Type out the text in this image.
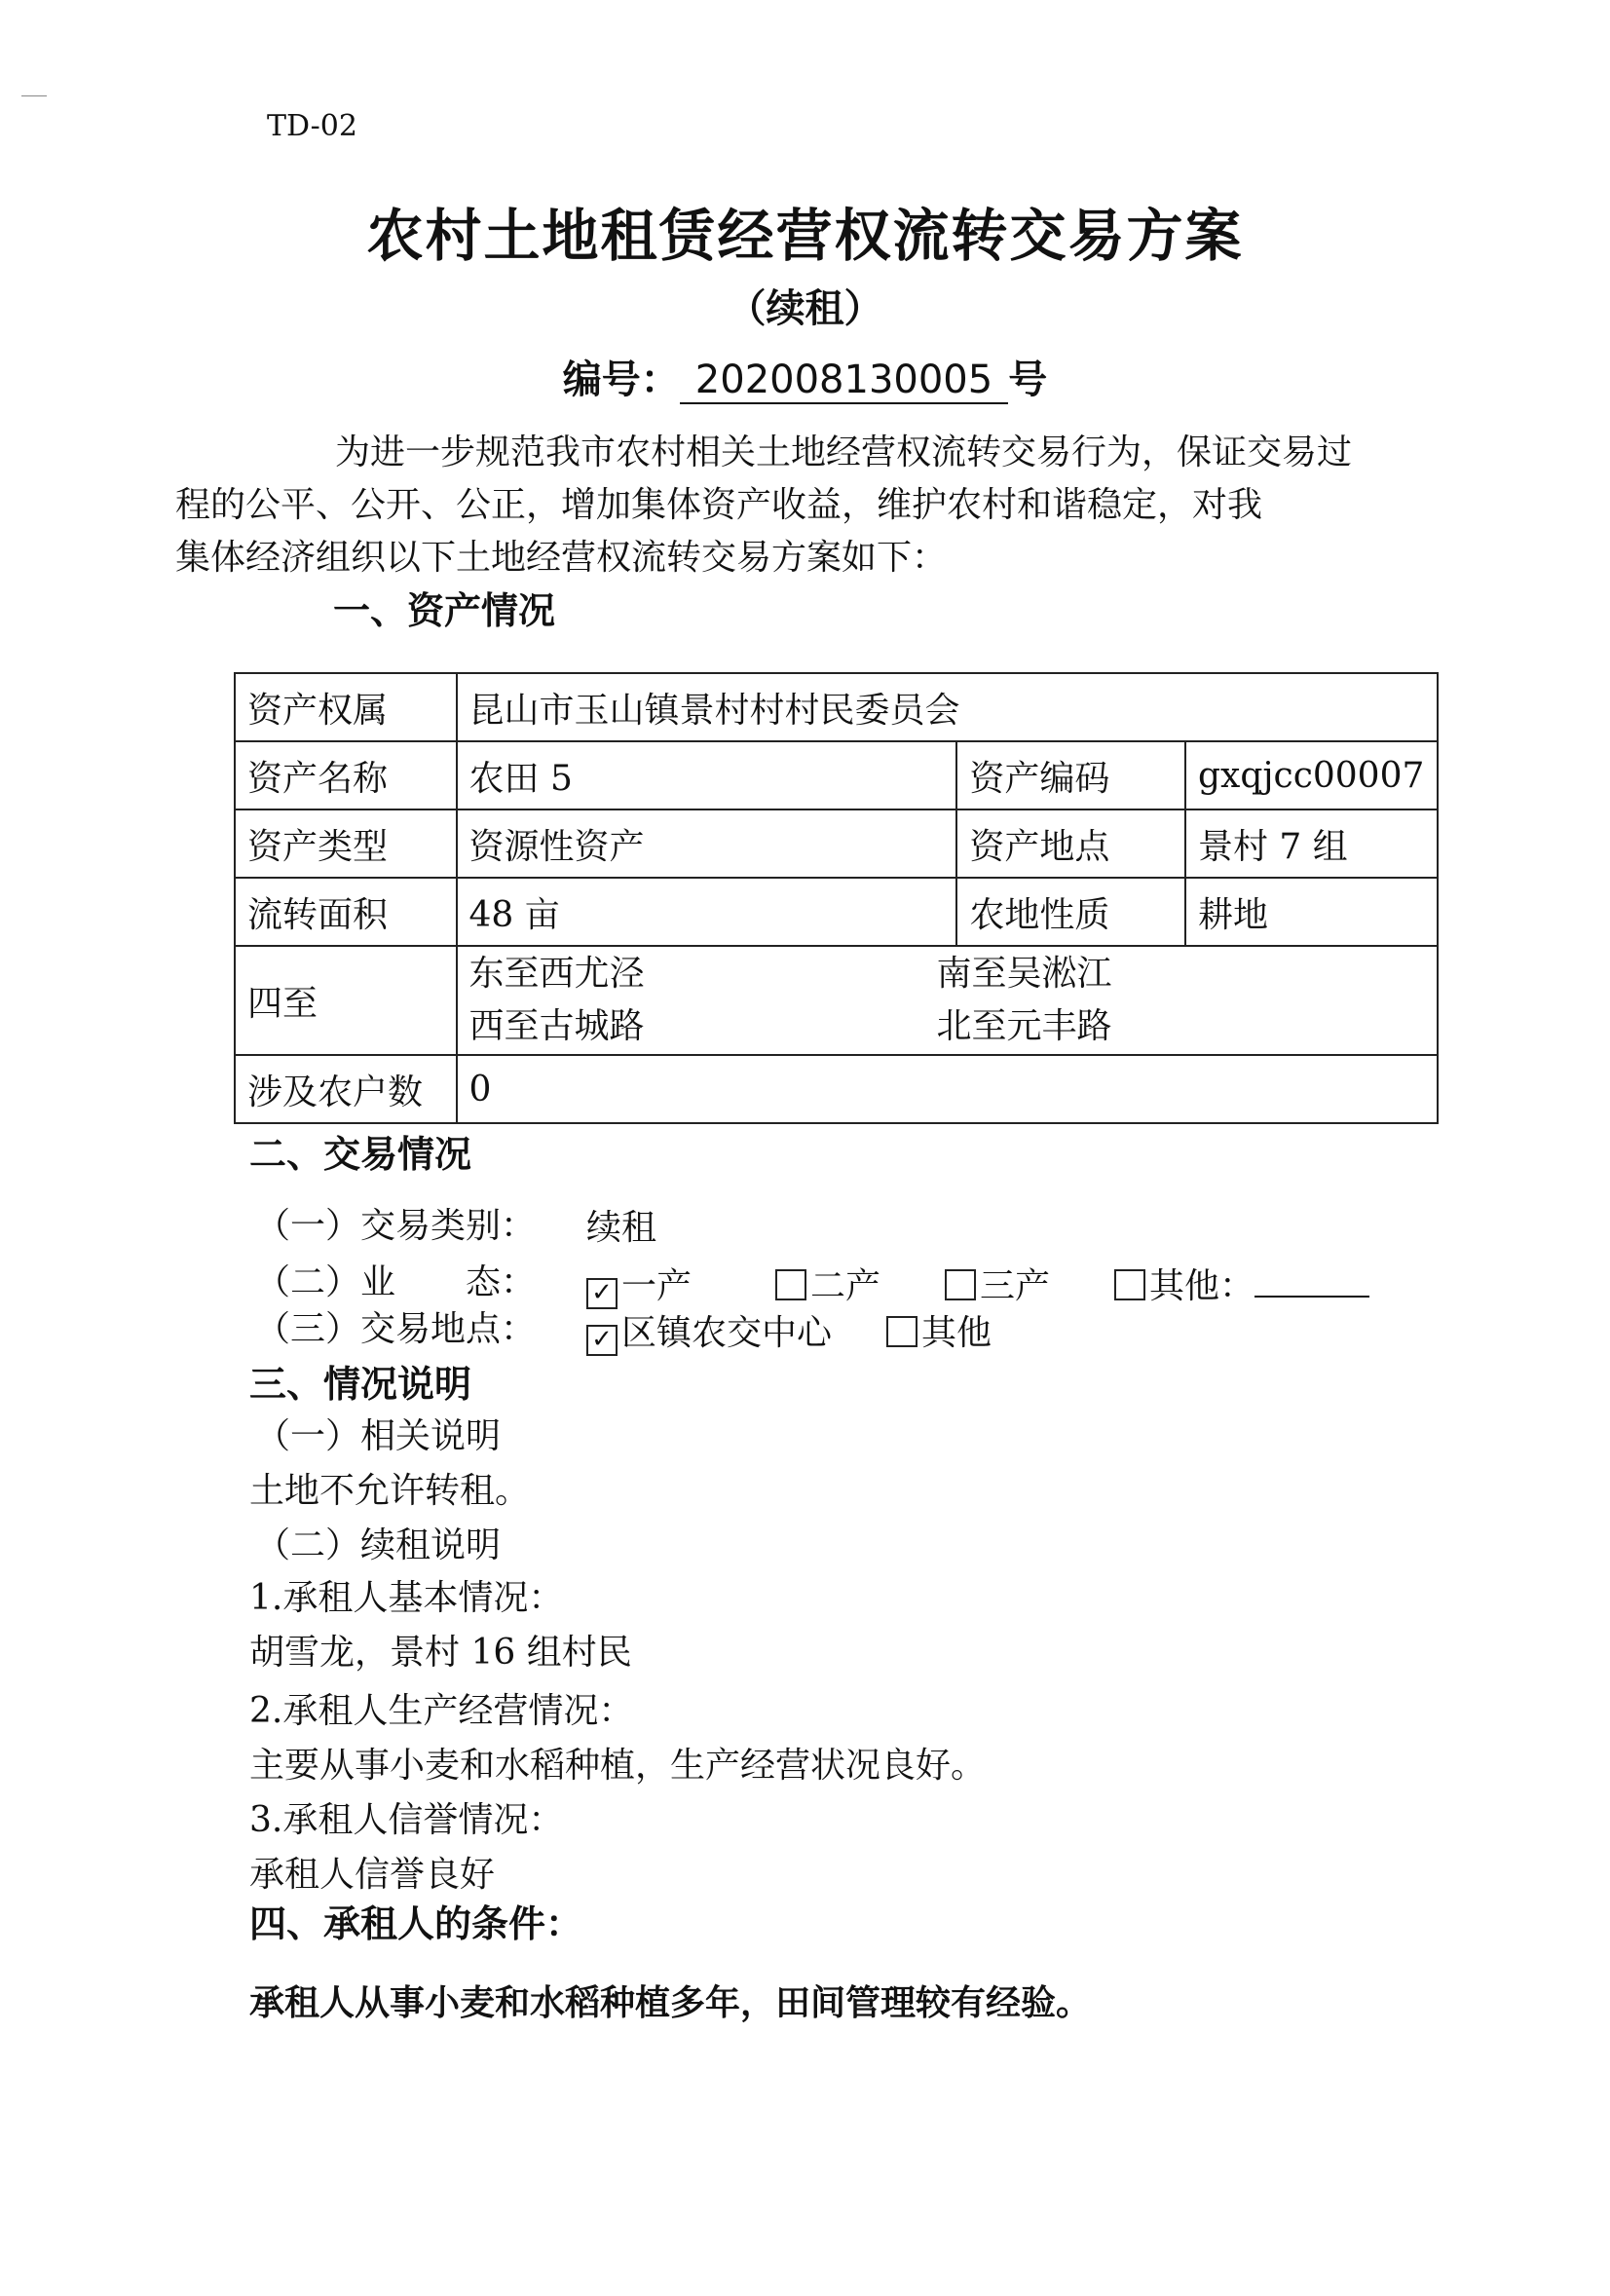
TD-02
农村土地租赁经营权流转交易方案
（续租）
编号： 202008130005 号

为进一步规范我市农村相关土地经营权流转交易行为，保证交易过

程的公平、公开、公正，增加集体资产收益，维护农村和谐稳定，对我

集体经济组织以下土地经营权流转交易方案如下：

一、资产情况
资产权属	昆山市玉山镇景村村村民委员会		
资产名称	农田 5	资产编码	gxqjcc00007
资产类型	资源性资产	资产地点	景村 7 组
流转面积	48 亩	农地性质	耕地
四至	东至西尤泾 南至吴淞江
西至古城路 北至元丰路		

涉及农户数	0		
二、交易情况
（一）交易类别： 续租
（二）业　　态： ✓ 一产	二产	三产	其他：
（三）交易地点： ✓ 区镇农交中心	其他
三、情况说明
（一）相关说明
土地不允许转租。
（二）续租说明
1.承租人基本情况：
胡雪龙，景村 16 组村民
2.承租人生产经营情况：
主要从事小麦和水稻种植，生产经营状况良好。
3.承租人信誉情况：
承租人信誉良好
四、承租人的条件：
承租人从事小麦和水稻种植多年，田间管理较有经验。
